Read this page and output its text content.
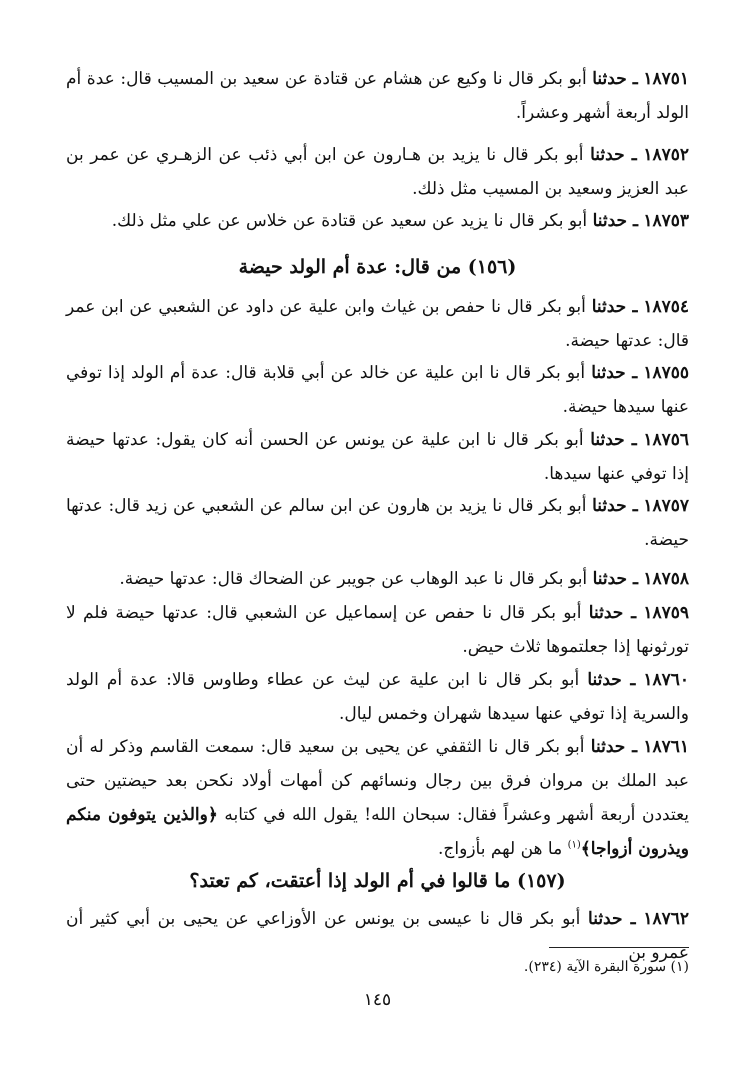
١٨٧٥١ ـ حدثنا أبو بكر قال نا وكيع عن هشام عن قتادة عن سعيد بن المسيب قال: عدة أم الولد أربعة أشهر وعشراً.
١٨٧٥٢ ـ حدثنا أبو بكر قال نا يزيد بن هـارون عن ابن أبي ذئب عن الزهـري عن عمر بن عبد العزيز وسعيد بن المسيب مثل ذلك.
١٨٧٥٣ ـ حدثنا أبو بكر قال نا يزيد عن سعيد عن قتادة عن خلاس عن علي مثل ذلك.
(١٥٦) من قال: عدة أم الولد حيضة
١٨٧٥٤ ـ حدثنا أبو بكر قال نا حفص بن غياث وابن علية عن داود عن الشعبي عن ابن عمر قال: عدتها حيضة.
١٨٧٥٥ ـ حدثنا أبو بكر قال نا ابن علية عن خالد عن أبي قلابة قال: عدة أم الولد إذا توفي عنها سيدها حيضة.
١٨٧٥٦ ـ حدثنا أبو بكر قال نا ابن علية عن يونس عن الحسن أنه كان يقول: عدتها حيضة إذا توفي عنها سيدها.
١٨٧٥٧ ـ حدثنا أبو بكر قال نا يزيد بن هارون عن ابن سالم عن الشعبي عن زيد قال: عدتها حيضة.
١٨٧٥٨ ـ حدثنا أبو بكر قال نا عبد الوهاب عن جويبر عن الضحاك قال: عدتها حيضة.
١٨٧٥٩ ـ حدثنا أبو بكر قال نا حفص عن إسماعيل عن الشعبي قال: عدتها حيضة فلم لا تورثونها إذا جعلتموها ثلاث حيض.
١٨٧٦٠ ـ حدثنا أبو بكر قال نا ابن علية عن ليث عن عطاء وطاوس قالا: عدة أم الولد والسرية إذا توفي عنها سيدها شهران وخمس ليال.
١٨٧٦١ ـ حدثنا أبو بكر قال نا الثقفي عن يحيى بن سعيد قال: سمعت القاسم وذكر له أن عبد الملك بن مروان فرق بين رجال ونسائهم كن أمهات أولاد نكحن بعد حيضتين حتى يعتددن أربعة أشهر وعشراً فقال: سبحان الله! يقول الله في كتابه ﴿والذين يتوفون منكم ويذرون أزواجا﴾$^{(١)}$ ما هن لهم بأزواج.
(١٥٧) ما قالوا في أم الولد إذا أعتقت، كم تعتد؟
١٨٧٦٢ ـ حدثنا أبو بكر قال نا عيسى بن يونس عن الأوزاعي عن يحيى بن أبي كثير أن عمرو بن
(١) سورة البقرة الآية (٢٣٤).
١٤٥
